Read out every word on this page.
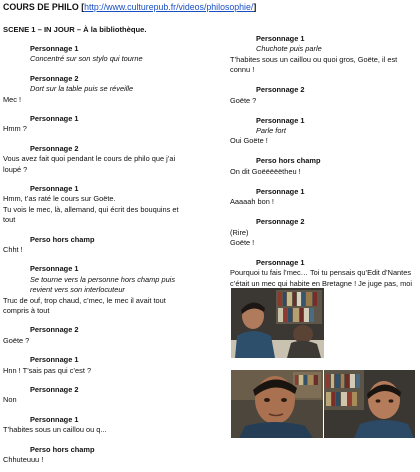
COURS DE PHILO [http://www.culturepub.fr/videos/philosophie/]
SCENE 1 – IN JOUR – À la bibliothèque.
Personnage 1
Concentré sur son stylo qui tourne
Personnage 2
Dort sur la table puis se réveille
Mec !
Personnage 1
Hmm ?
Personnage 2
Vous avez fait quoi pendant le cours de philo que j’ai
loupé ?
Personnage 1
Hmm, t’as raté le cours sur Goëte.
Tu vois le mec, là, allemand, qui écrit des bouquins et
tout
Perso hors champ
Chht !
Personnage 1
Se tourne vers la personne hors champ puis
revient vers son interlocuteur
Truc de ouf, trop chaud, c’mec, le mec il avait tout
compris à tout
Personnage 2
Goëte ?
Personnage 1
Hnn ! T’sais pas qui c’est ?
Personnage 2
Non
Personnage 1
T’habites sous un caillou ou q...
Perso hors champ
Chhuteuuu !
Personnage 1
Chuchote puis parle
T’habites sous un caillou ou quoi gros, Goëte, il est
connu !
Personnage 2
Goëte ?
Personnage 1
Parle fort
Oui Goëte !
Perso hors champ
On dit Goëëëëëtheu !
Personnage 1
Aaaaah bon !
Personnage 2
(Rire)
Goëte !
Personnage 1
Pourquoi tu fais l’mec… Toi tu pensais qu’Edit d’Nantes
c’était un mec qui habite en Bretagne ! Je juge pas, moi
